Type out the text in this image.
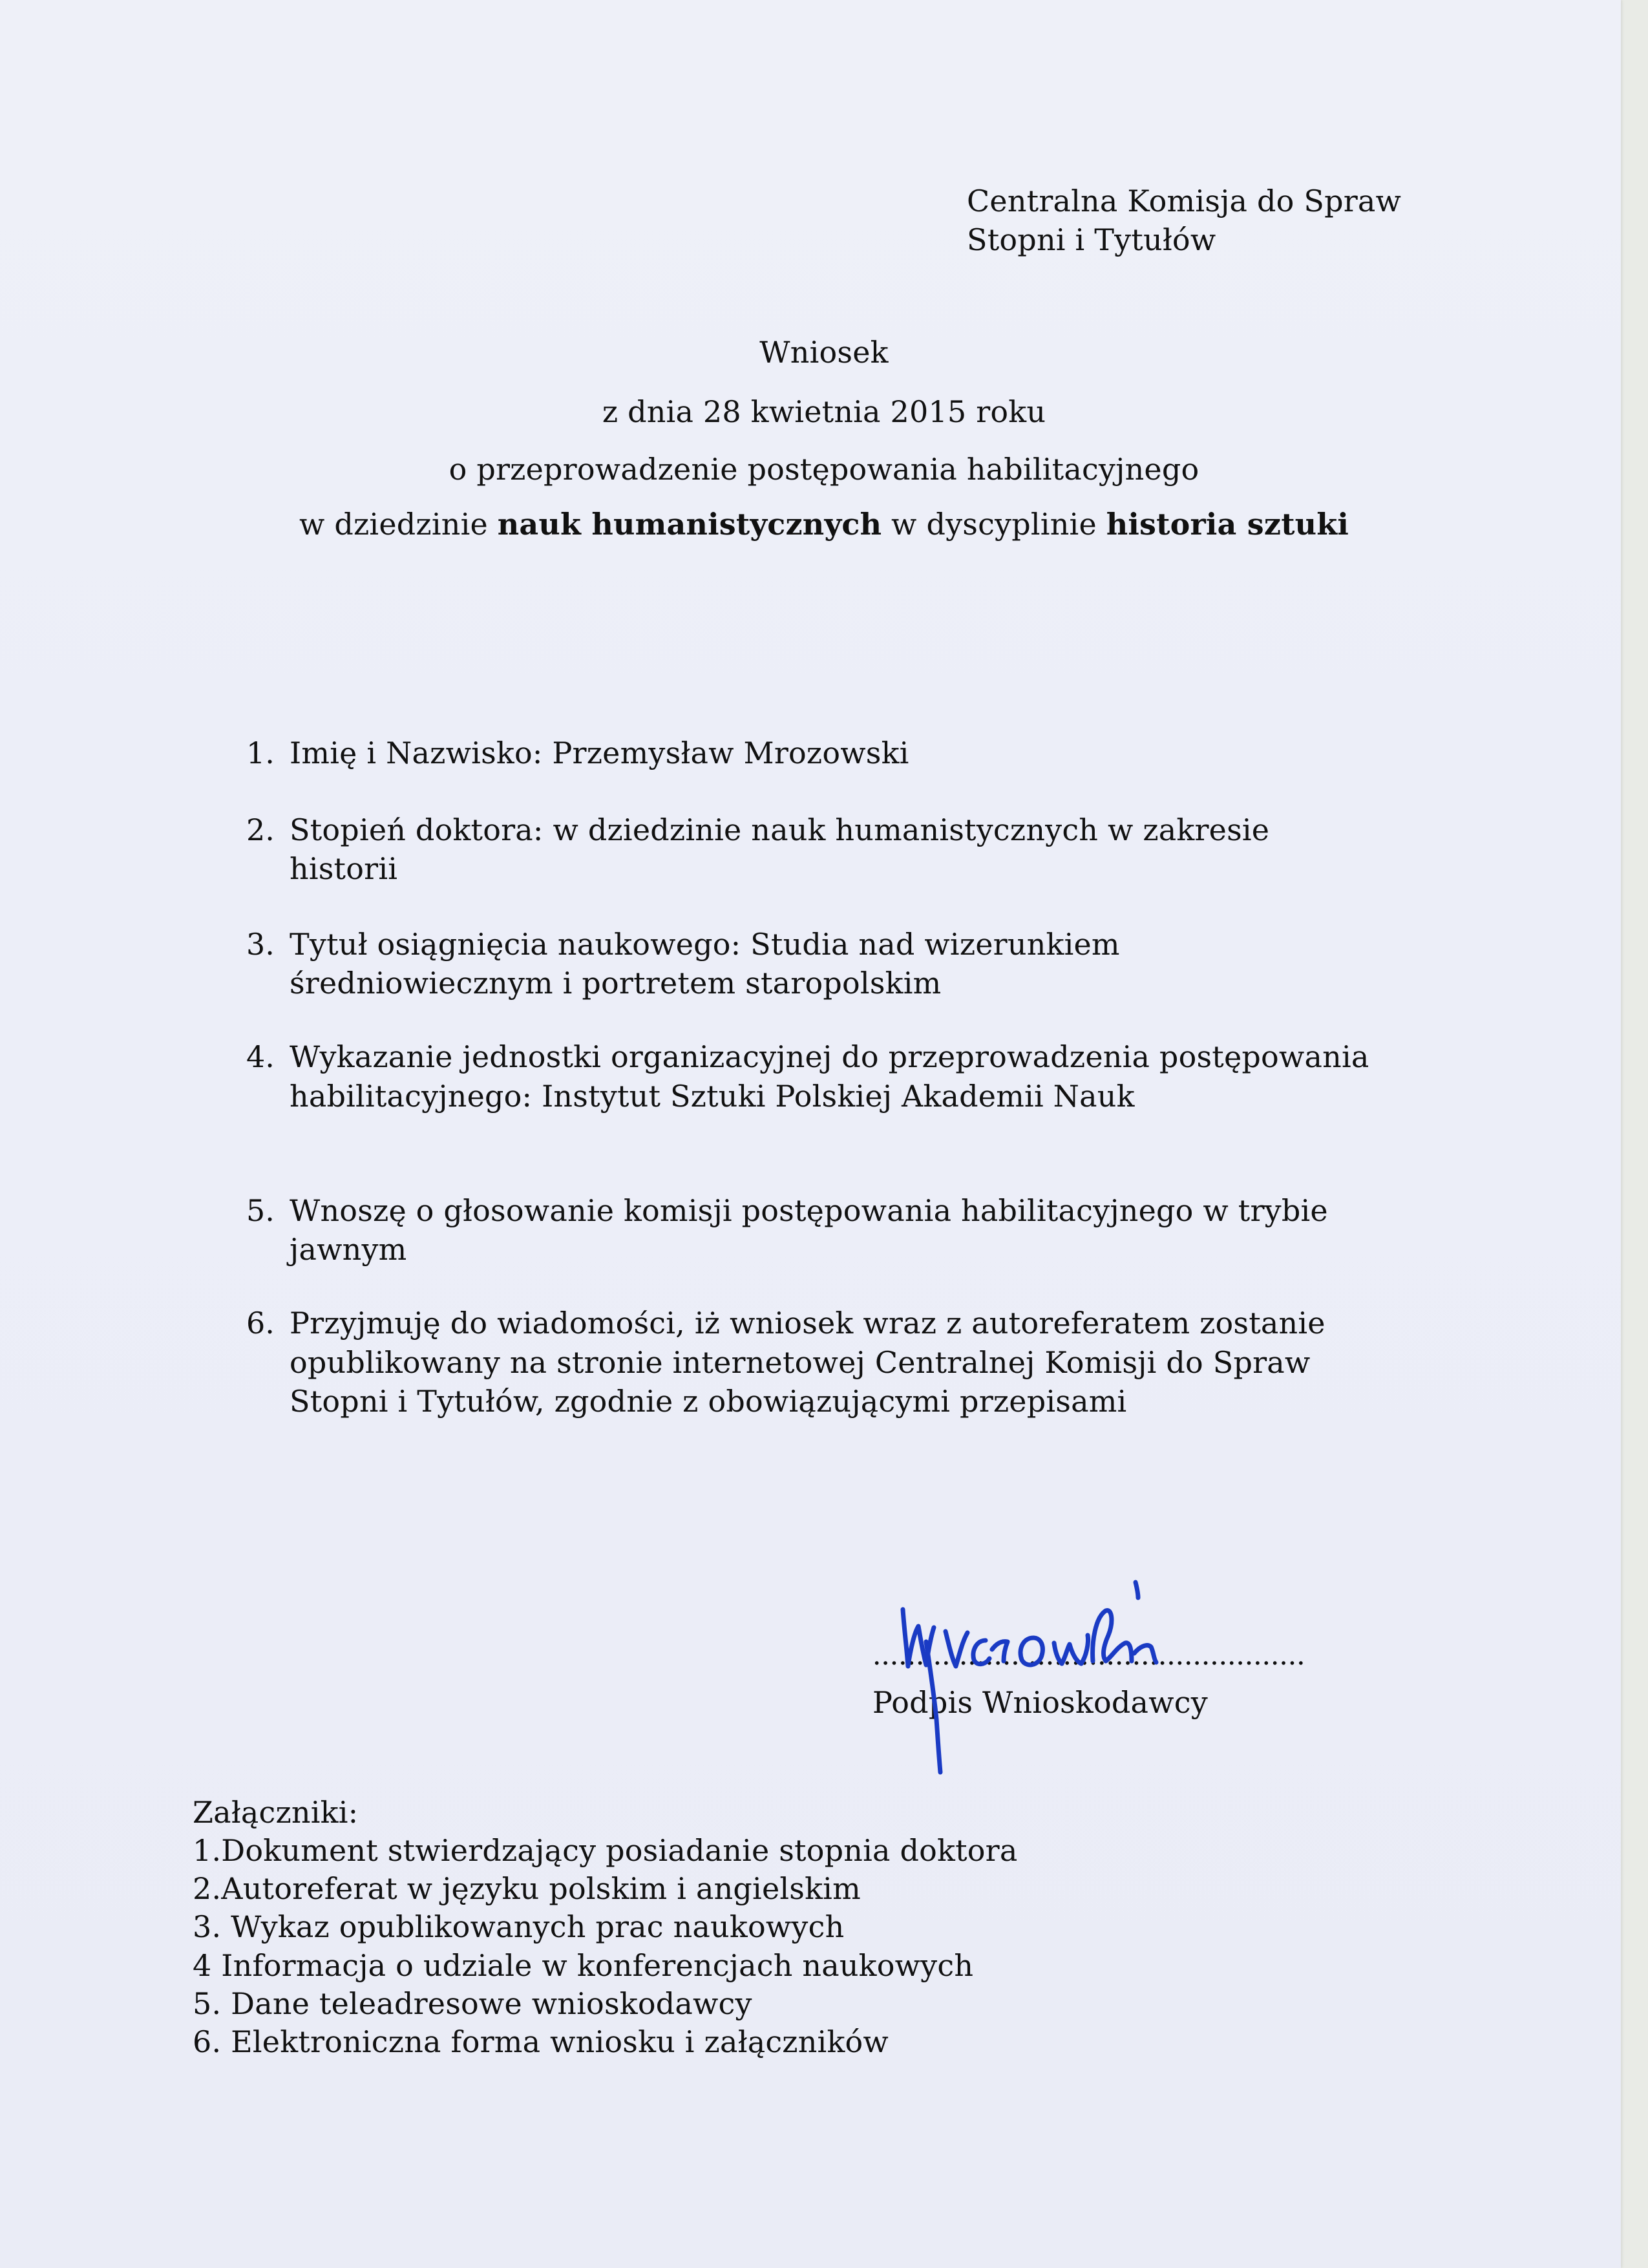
Centralna Komisja do Spraw
Stopni i Tytułów
Wniosek
z dnia 28 kwietnia 2015 roku
o przeprowadzenie postępowania habilitacyjnego
w dziedzinie nauk humanistycznych w dyscyplinie historia sztuki
1. Imię i Nazwisko: Przemysław Mrozowski
2. Stopień doktora: w dziedzinie nauk humanistycznych w zakresie
historii
3. Tytuł osiągnięcia naukowego: Studia nad wizerunkiem
średniowiecznym i portretem staropolskim
4. Wykazanie jednostki organizacyjnej do przeprowadzenia postępowania
habilitacyjnego: Instytut Sztuki Polskiej Akademii Nauk
5. Wnoszę o głosowanie komisji postępowania habilitacyjnego w trybie
jawnym
6. Przyjmuję do wiadomości, iż wniosek wraz z autoreferatem zostanie
opublikowany na stronie internetowej Centralnej Komisji do Spraw
Stopni i Tytułów, zgodnie z obowiązującymi przepisami
Podpis Wnioskodawcy
Załączniki:
1.Dokument stwierdzający posiadanie stopnia doktora
2.Autoreferat w języku polskim i angielskim
3. Wykaz opublikowanych prac naukowych
4 Informacja o udziale w konferencjach naukowych
5. Dane teleadresowe wnioskodawcy
6. Elektroniczna forma wniosku i załączników
